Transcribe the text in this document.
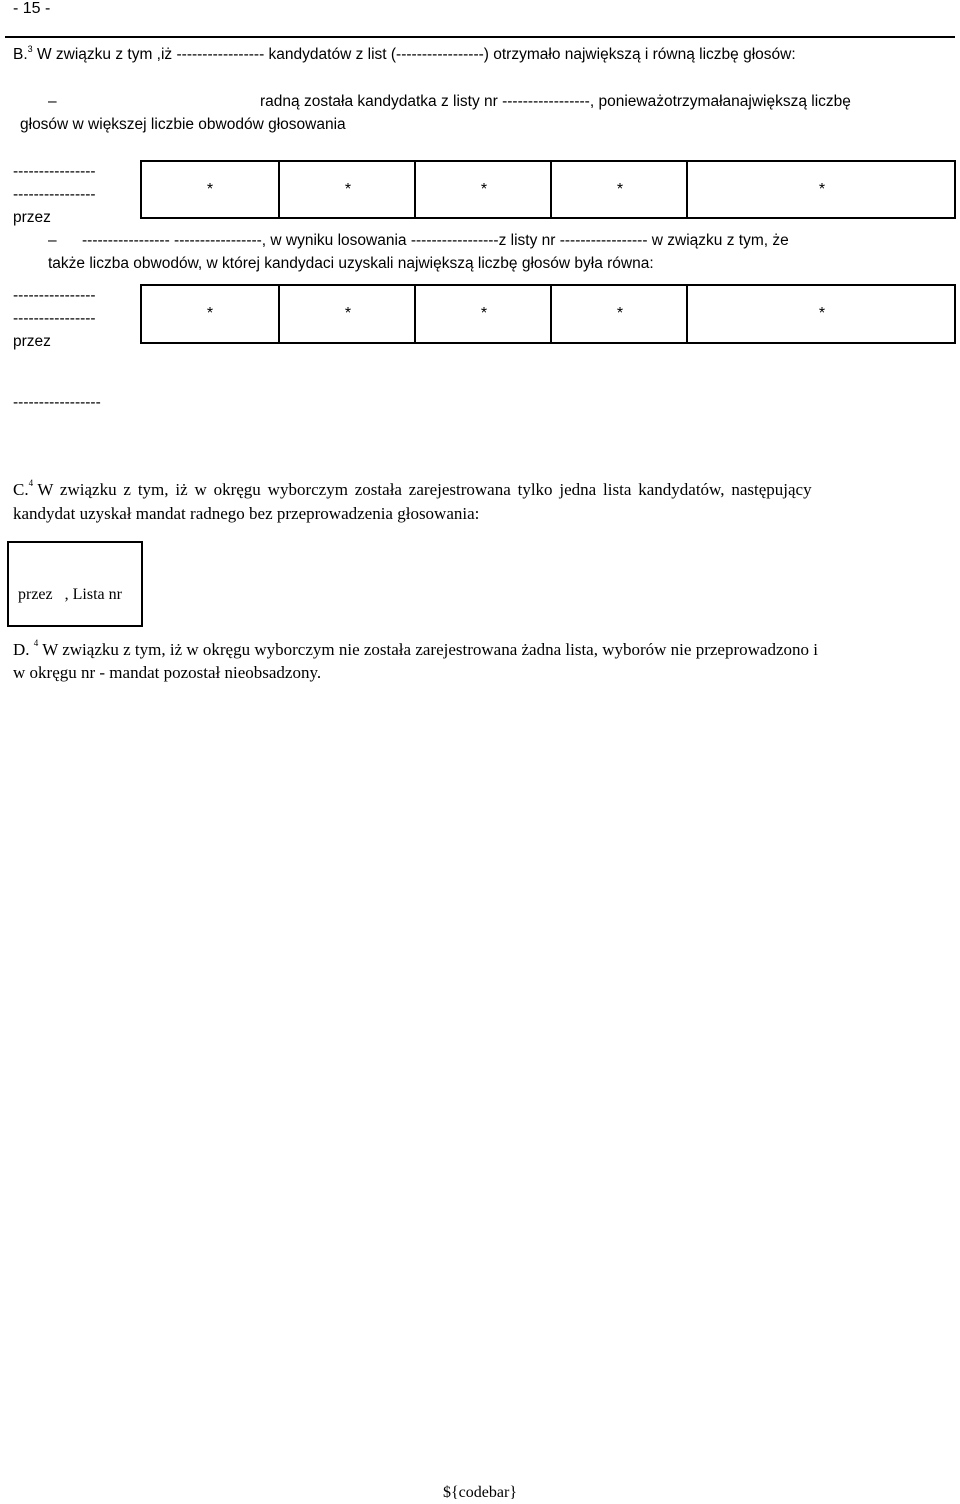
- 15 -
B.$^3$ W związku z tym ,iż ----------------- kandydatów z list (-----------------) otrzymało największą i równą liczbę głosów:
–	radną została kandydatka z listy nr -----------------, ponieważotrzymałanajwiększą liczbę
głosów w większej liczbie obwodów głosowania
----------------
----------------
przez
*	*	*	*	*
– ----------------- -----------------, w wyniku losowania -----------------z listy nr ----------------- w związku z tym, że
także liczba obwodów, w której kandydaci uzyskali największą liczbę głosów była równa:
----------------
----------------
przez
*	*	*	*	*
-----------------
C.$^4$ W związku z tym, iż w okręgu wyborczym została zarejestrowana tylko jedna lista kandydatów, następujący
kandydat uzyskał mandat radnego bez przeprowadzenia głosowania:
przez   , Lista nr
D. $^4$ W związku z tym, iż w okręgu wyborczym nie została zarejestrowana żadna lista, wyborów nie przeprowadzono i
w okręgu nr - mandat pozostał nieobsadzony.
${codebar}
